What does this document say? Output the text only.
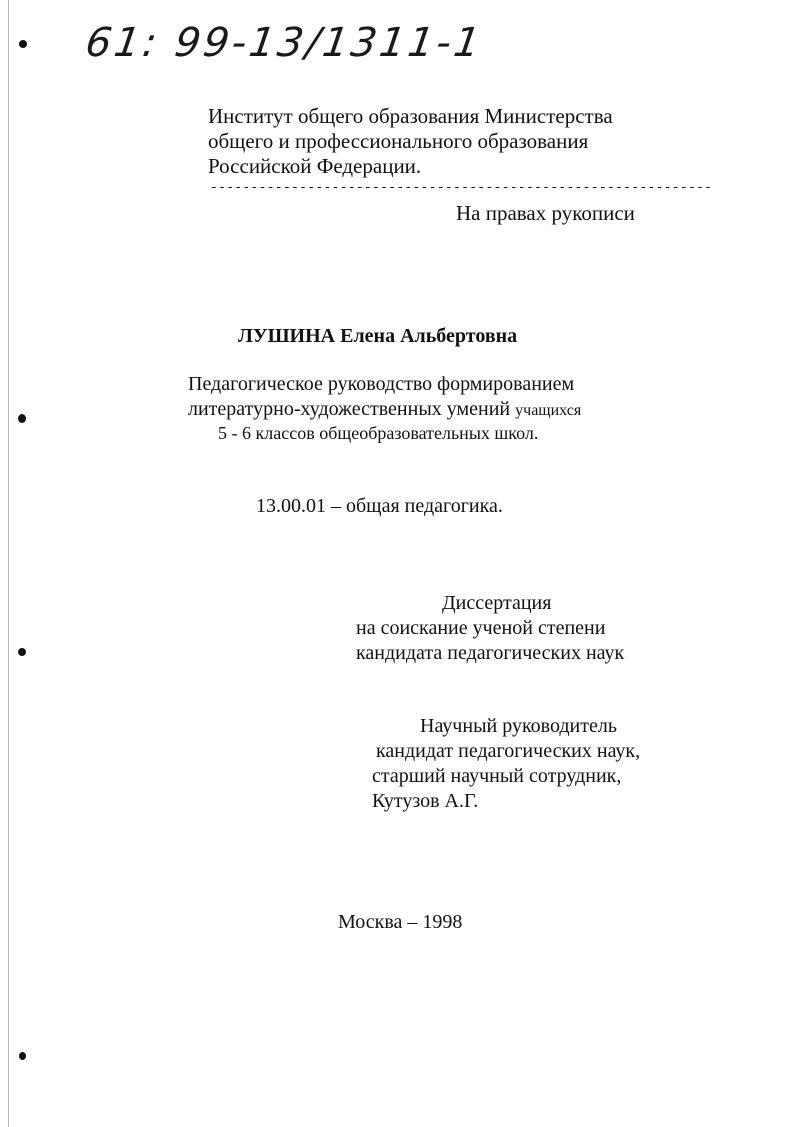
61: 99-13/1311-1
Институт общего образования Министерства
общего и профессионального образования
Российской Федерации.
--------------------------------------------------------------
На правах рукописи
ЛУШИНА Елена Альбертовна
Педагогическое руководство формированием
литературно-художественных умений учащихся
5 - 6 классов общеобразовательных школ.
13.00.01 – общая педагогика.
Диссертация
на соискание ученой степени
кандидата педагогических наук
Научный руководитель
кандидат педагогических наук,
старший научный сотрудник,
Кутузов А.Г.
Москва – 1998
